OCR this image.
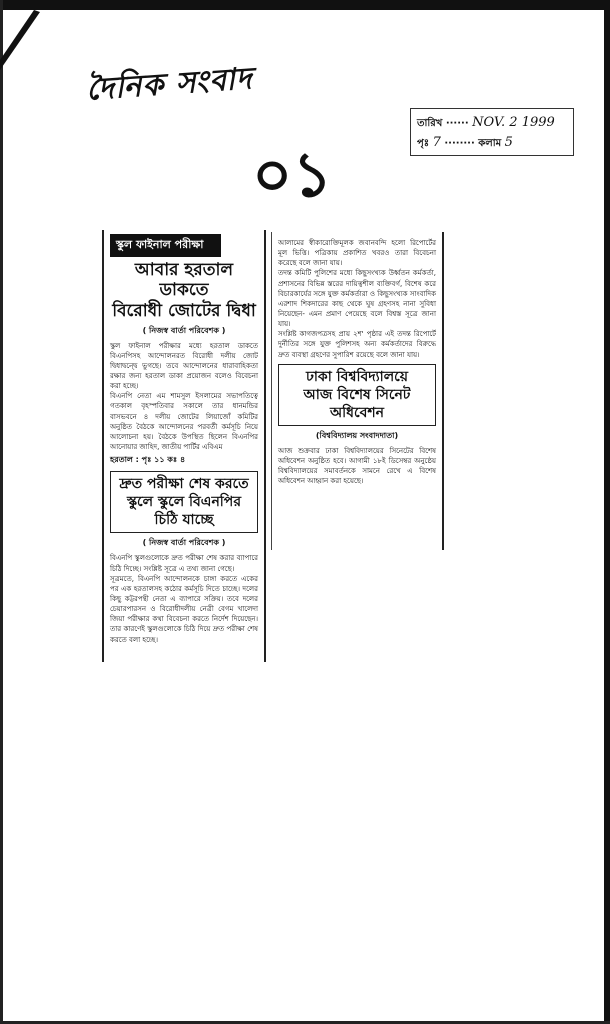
দৈনিক সংবাদ
তারিখ ······ NOV. 2 1999
পৃঃ 7 ········ কলাম 5
০১
স্কুল ফাইনাল পরীক্ষা
আবার হরতাল ডাকতে
বিরোধী জোটের দ্বিধা
( নিজস্ব বার্তা পরিবেশক )
স্কুল ফাইনাল পরীক্ষার মধ্যে হরতাল ডাকতে বিএনপিসহ আন্দোলনরত বিরোধী দলীয় জোট দ্বিধাদ্বন্দ্বে ভুগছে। তবে আন্দোলনের ধারাবাহিকতা রক্ষার জন্য হরতাল ডাকা প্রয়োজন বলেও বিবেচনা করা হচ্ছে।
বিএনপি নেতা এম শামসুল ইসলামের সভাপতিত্বে গতকাল বৃহস্পতিবার সকালে তার ধানমন্ডির বাসভবনে ৪ দলীয় জোটের লিয়াজোঁ কমিটির অনুষ্ঠিত বৈঠকে আন্দোলনের পরবর্তী কর্মসূচি নিয়ে আলোচনা হয়। বৈঠকে উপস্থিত ছিলেন বিএনপির আনোয়ার জাহিদ, জাতীয় পার্টির এবিএম
হরতাল : পৃঃ ১১ কঃ ৪
দ্রুত পরীক্ষা শেষ করতে
স্কুলে স্কুলে বিএনপির
চিঠি যাচ্ছে
( নিজস্ব বার্তা পরিবেশক )
বিএনপি স্কুলগুলোকে দ্রুত পরীক্ষা শেষ করার ব্যাপারে চিঠি দিচ্ছে। সংশ্লিষ্ট সূত্রে এ তথ্য জানা গেছে।
সূত্রমতে, বিএনপি আন্দোলনকে চাঙ্গা করতে একের পর এক হরতালসহ কঠোর কর্মসূচি দিতে চাচ্ছে। দলের কিছু কট্টরপন্থী নেতা এ ব্যাপারে সক্রিয়। তবে দলের চেয়ারপারসন ও বিরোধীদলীয় নেত্রী বেগম খালেদা জিয়া পরীক্ষার কথা বিবেচনা করতে নির্দেশ দিয়েছেন। তার কারণেই স্কুলগুলোকে চিঠি দিয়ে দ্রুত পরীক্ষা শেষ করতে বলা হচ্ছে।
আলামের স্বীকারোক্তিমূলক জবানবন্দি হলো রিপোর্টের মূল ভিত্তি। পত্রিকায় প্রকাশিত খবরও তারা বিবেচনা করেছে বলে জানা যায়।
তদন্ত কমিটি পুলিশের মধ্যে কিছুসংখ্যক উর্ধ্বতন কর্মকর্তা, প্রশাসনের বিভিন্ন স্তরের দায়িত্বশীল ব্যক্তিবর্গ, বিশেষ করে বিচারকার্যের সঙ্গে যুক্ত কর্মকর্তারা ও কিছুসংখ্যক সাংবাদিক এরশাদ শিকদারের কাছ থেকে ঘুষ গ্রহণসহ নানা সুবিধা নিয়েছেন- এমন প্রমাণ পেয়েছে বলে বিশ্বস্ত সূত্রে জানা যায়।
সংশ্লিষ্ট কাগজপত্রসহ প্রায় ২শ' পৃষ্ঠার এই তদন্ত রিপোর্টে দুর্নীতির সঙ্গে যুক্ত পুলিশসহ অন্য কর্মকর্তাদের বিরুদ্ধে দ্রুত ব্যবস্থা গ্রহণের সুপারিশ রয়েছে বলে জানা যায়।
ঢাকা বিশ্ববিদ্যালয়ে
আজ বিশেষ সিনেট
অধিবেশন
(বিশ্ববিদ্যালয় সংবাদদাতা)
আজ শুক্রবার ঢাকা বিশ্ববিদ্যালয়ের সিনেটের বিশেষ অধিবেশন অনুষ্ঠিত হবে। আগামী ১৮ই ডিসেম্বর অনুষ্ঠেয় বিশ্ববিদ্যালয়ের সমাবর্তনকে সামনে রেখে এ বিশেষ অধিবেশন আহ্বান করা হয়েছে।
